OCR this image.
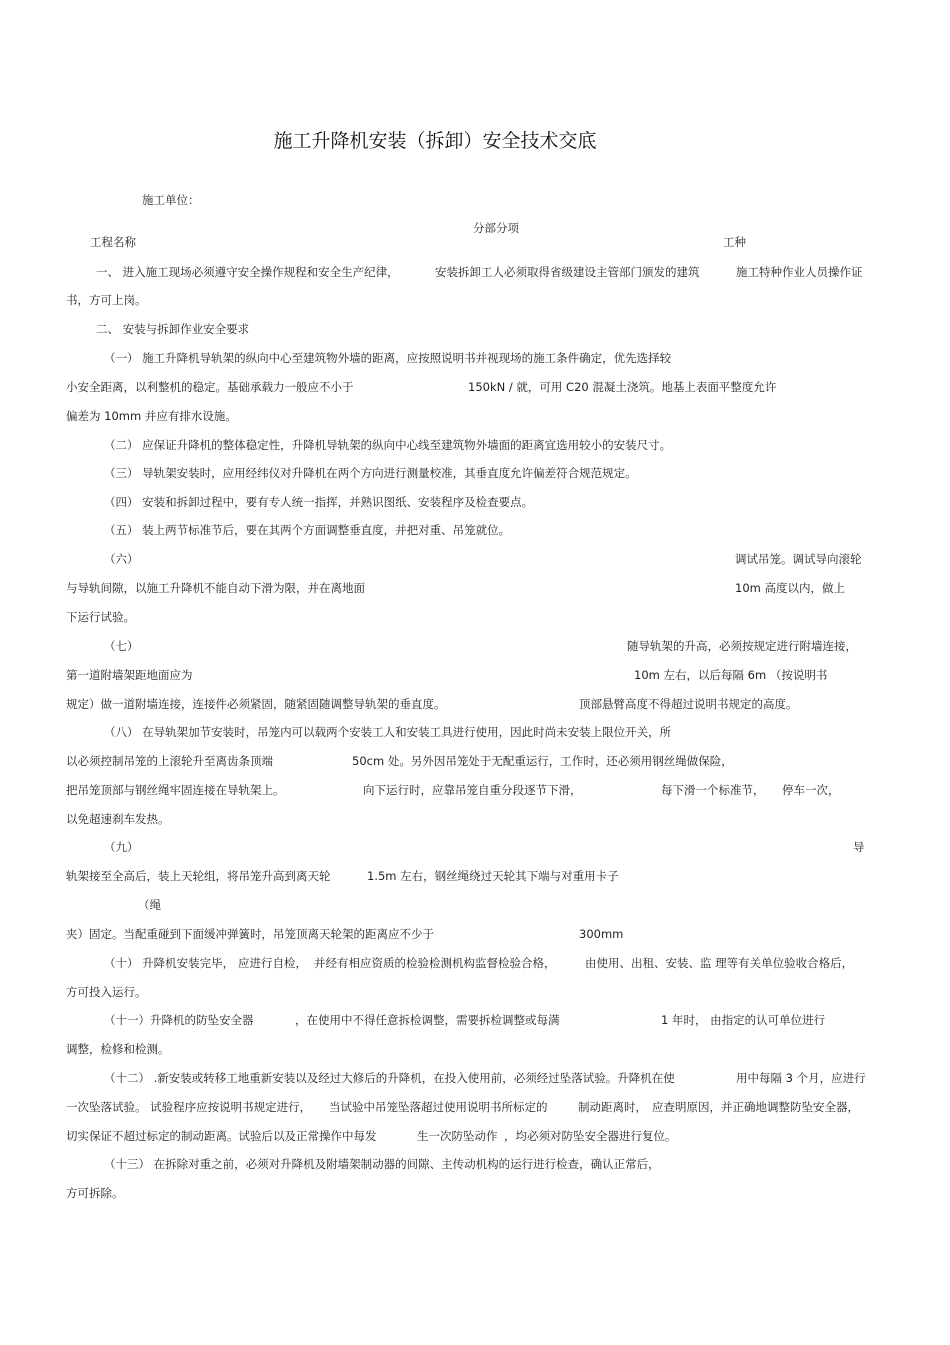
施工升降机安装（拆卸）安全技术交底
施工单位：
分部分项
工程名称	工种
一、 进入施工现场必须遵守安全操作规程和安全生产纪律，	安装拆卸工人必须取得省级建设主管部门颁发的建筑	施工特种作业人员操作证
书，方可上岗。
二、 安装与拆卸作业安全要求
（一） 施工升降机导轨架的纵向中心至建筑物外墙的距离，应按照说明书并视现场的施工条件确定，优先选择较
小安全距离，以利整机的稳定。基础承载力一般应不小于	150kN / 就，可用 C20 混凝土浇筑。地基上表面平整度允许
偏差为 10mm 并应有排水设施。
（二） 应保证升降机的整体稳定性，升降机导轨架的纵向中心线至建筑物外墙面的距离宜选用较小的安装尺寸。
（三） 导轨架安装时，应用经纬仪对升降机在两个方向进行测量校准，其垂直度允许偏差符合规范规定。
（四） 安装和拆卸过程中，要有专人统一指挥，并熟识图纸、安装程序及检查要点。
（五） 装上两节标准节后，要在其两个方面调整垂直度，并把对重、吊笼就位。
（六）	调试吊笼。调试导向滚轮
与导轨间隙，以施工升降机不能自动下滑为限，并在离地面	10m 高度以内，做上
下运行试验。
（七）	随导轨架的升高，必须按规定进行附墙连接，
第一道附墙架距地面应为	10m 左右，以后每隔 6m （按说明书
规定）做一道附墙连接，连接件必须紧固，随紧固随调整导轨架的垂直度。	顶部悬臂高度不得超过说明书规定的高度。
（八） 在导轨架加节安装时，吊笼内可以载两个安装工人和安装工具进行使用，因此时尚未安装上限位开关，所
以必须控制吊笼的上滚轮升至离齿条顶端	50cm 处。另外因吊笼处于无配重运行，工作时，还必须用钢丝绳做保险，
把吊笼顶部与钢丝绳牢固连接在导轨架上。	向下运行时，应靠吊笼自重分段逐节下滑，	每下滑一个标准节， 停车一次，
以免超速刹车发热。
（九）	导
轨架接至全高后，装上天轮组，将吊笼升高到离天轮	1.5m 左右，钢丝绳绕过天轮其下端与对重用卡子
（绳
夹）固定。当配重碰到下面缓冲弹簧时，吊笼顶离天轮架的距离应不少于	300mm
（十） 升降机安装完毕， 应进行自检， 并经有相应资质的检验检测机构监督检验合格，	由使用、出租、安装、监 理等有关单位验收合格后，
方可投入运行。
（十一）升降机的防坠安全器	，在使用中不得任意拆检调整，需要拆检调整或每满	1 年时， 由指定的认可单位进行
调整，检修和检测。
（十二） .新安装或转移工地重新安装以及经过大修后的升降机，在投入使用前，必须经过坠落试验。升降机在使	用中每隔 3 个月，应进行
一次坠落试验。 试验程序应按说明书规定进行， 当试验中吊笼坠落超过使用说明书所标定的	制动距离时， 应查明原因，并正确地调整防坠安全器，
切实保证不超过标定的制动距离。试验后以及正常操作中每发	生一次防坠动作 ，均必须对防坠安全器进行复位。
（十三） 在拆除对重之前，必须对升降机及附墙架制动器的间隙、主传动机构的运行进行检查，确认正常后，
方可拆除。
